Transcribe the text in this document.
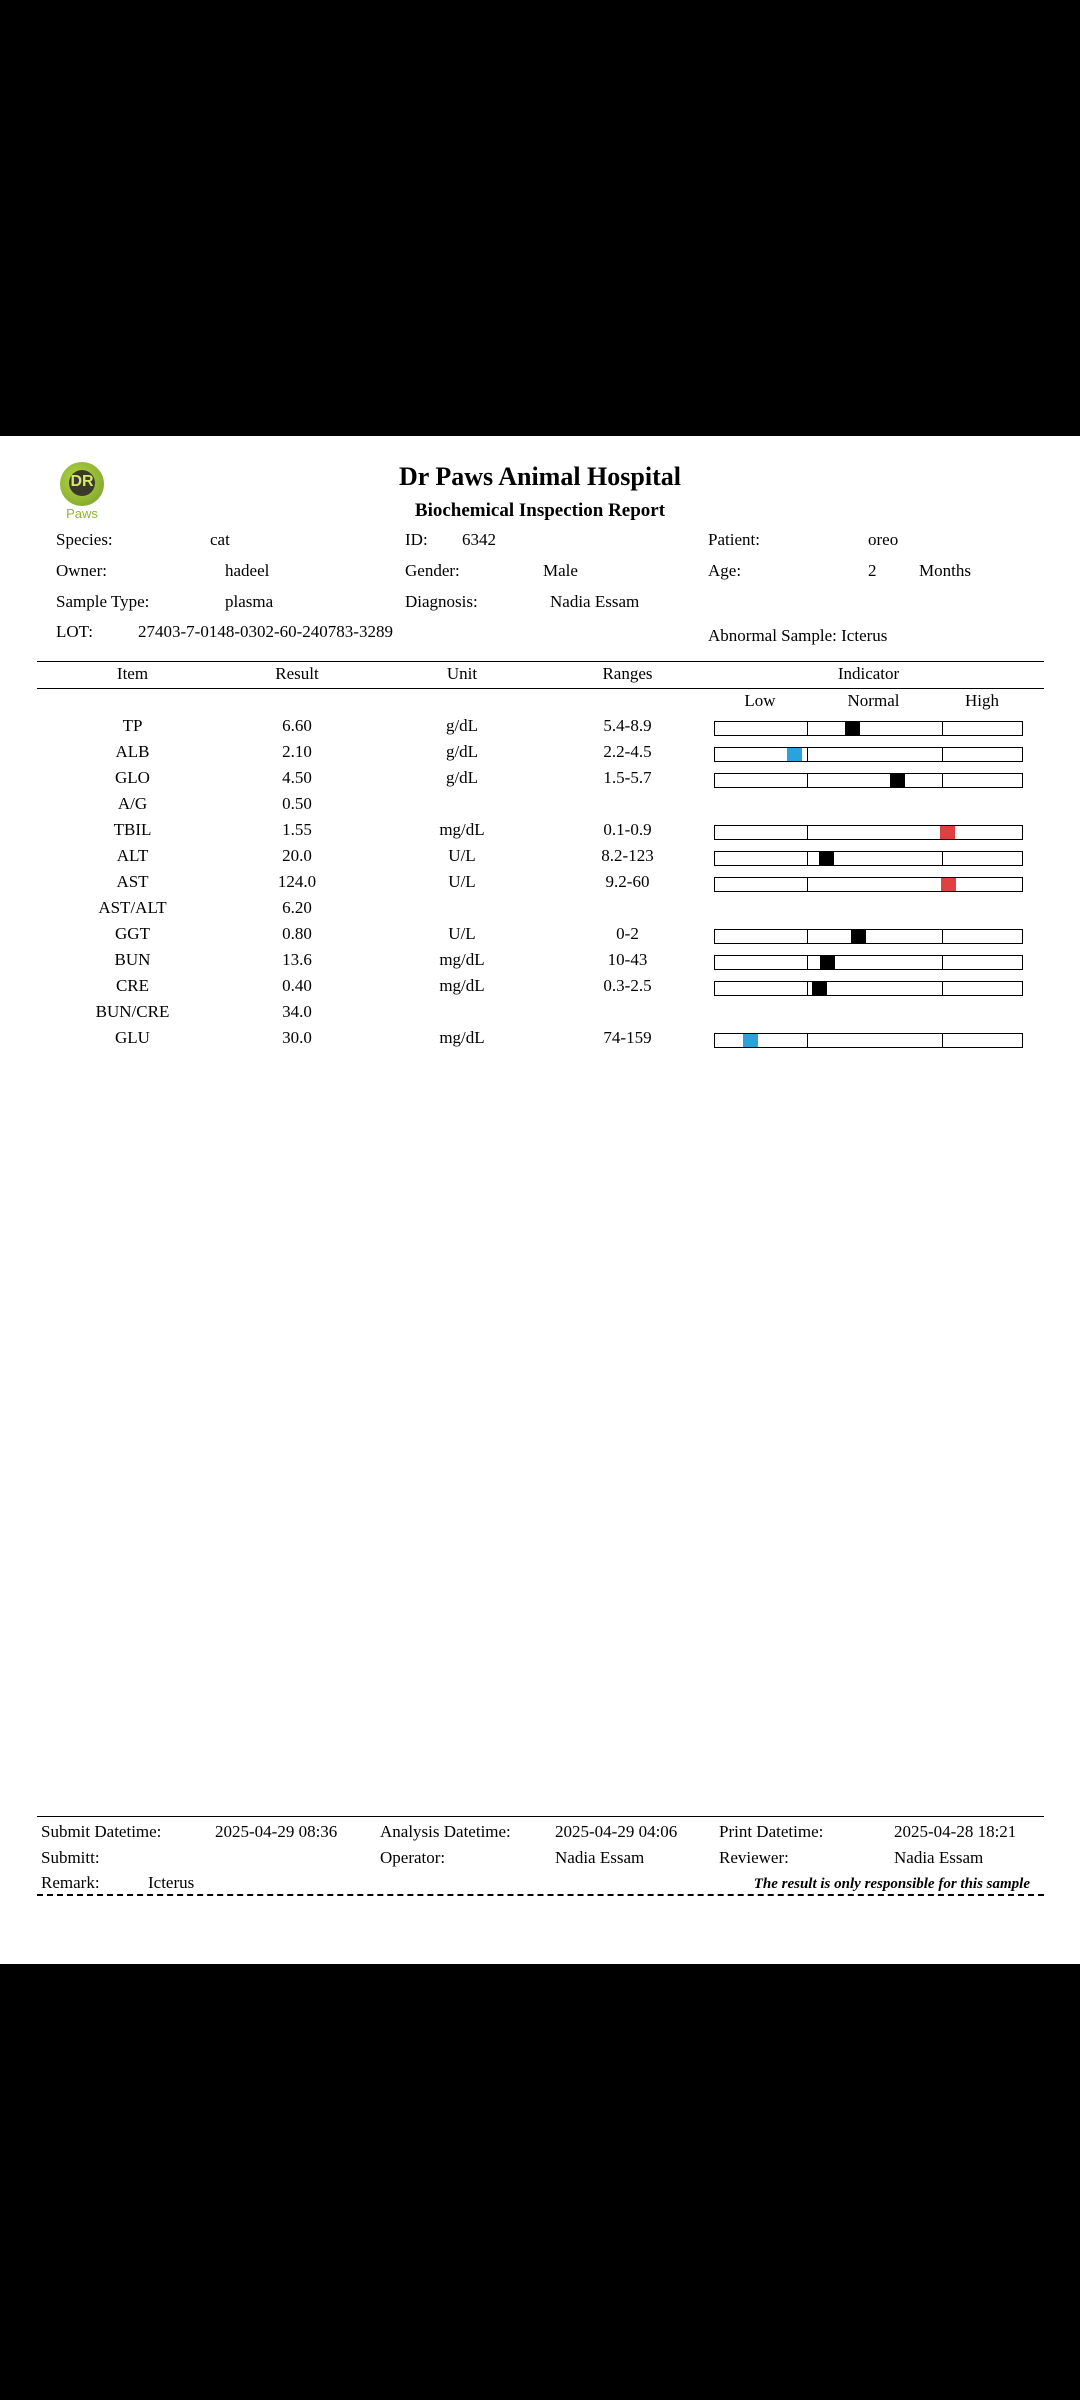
DR
Paws
Dr Paws Animal Hospital
Biochemical Inspection Report
Species:	cat	ID: 6342	Patient:	oreo
Owner:	hadeel	Gender:	Male	Age:	2	Months
Sample Type:	plasma	Diagnosis:	Nadia Essam
LOT:	27403-7-0148-0302-60-240783-3289	Abnormal Sample: Icterus
Item	Result	Unit	Ranges	Indicator
Low	Normal	High
TP	6.60	g/dL	5.4-8.9
ALB	2.10	g/dL	2.2-4.5
GLO	4.50	g/dL	1.5-5.7
A/G	0.50
TBIL	1.55	mg/dL	0.1-0.9
ALT	20.0	U/L	8.2-123
AST	124.0	U/L	9.2-60
AST/ALT	6.20
GGT	0.80	U/L	0-2
BUN	13.6	mg/dL	10-43
CRE	0.40	mg/dL	0.3-2.5
BUN/CRE	34.0
GLU	30.0	mg/dL	74-159
Submit Datetime:	2025-04-29 08:36	Analysis Datetime:	2025-04-29 04:06 Print Datetime:	2025-04-28 18:21
Submitt:	Operator:	Nadia Essam	Reviewer:	Nadia Essam
Remark:	Icterus	The result is only responsible for this sample
